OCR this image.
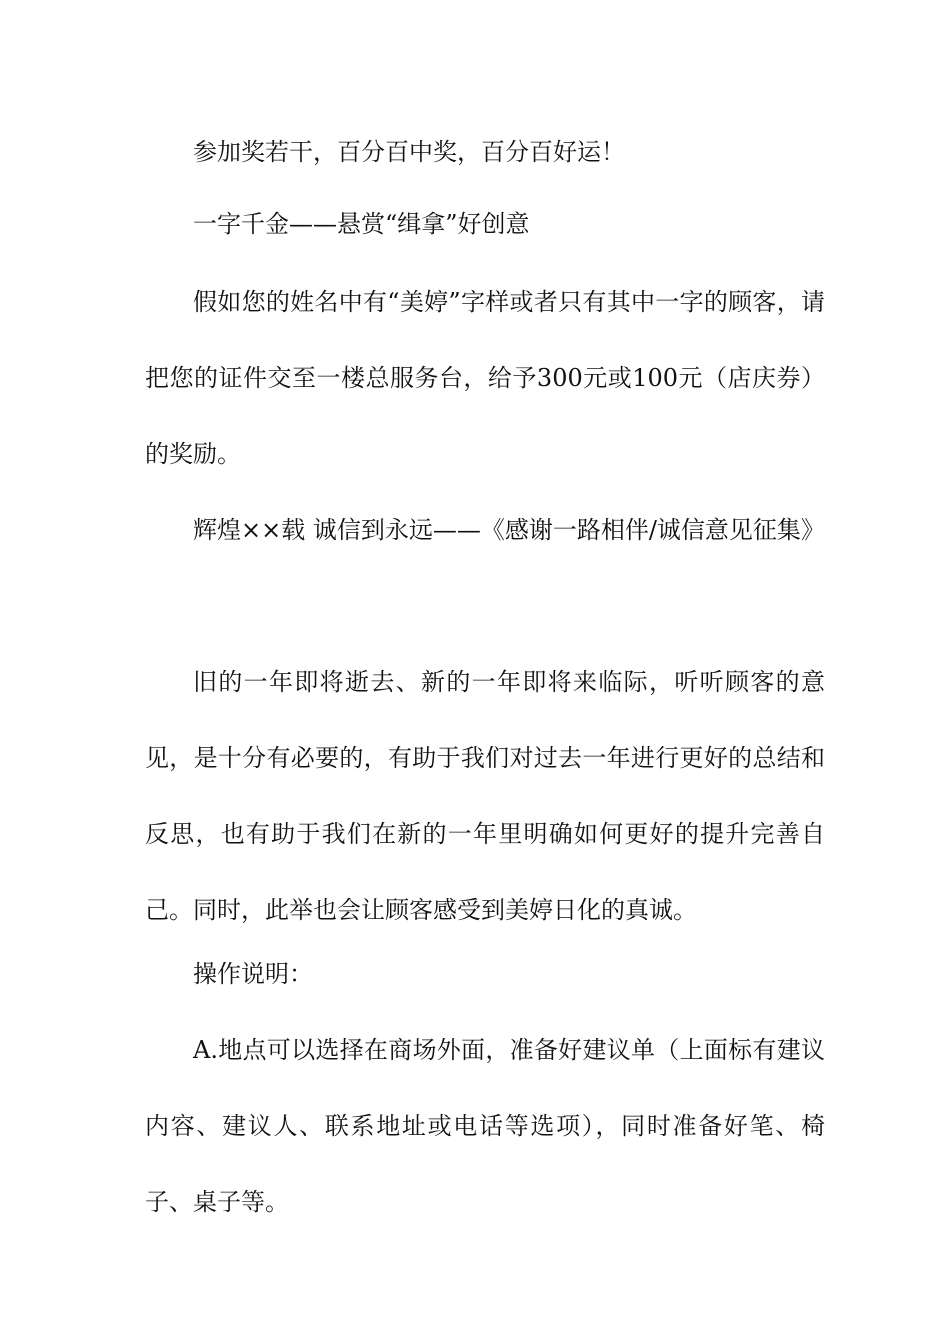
参加奖若干，百分百中奖，百分百好运！

一字千金——悬赏“缉拿”好创意

假如您的姓名中有“美婷”字样或者只有其中一字的顾客，请把您的证件交至一楼总服务台，给予300元或100元（店庆券）的奖励。

辉煌××载 诚信到永远——《感谢一路相伴/诚信意见征集》

旧的一年即将逝去、新的一年即将来临际，听听顾客的意见，是十分有必要的，有助于我们对过去一年进行更好的总结和反思，也有助于我们在新的一年里明确如何更好的提升完善自己。同时，此举也会让顾客感受到美婷日化的真诚。

操作说明：

A.地点可以选择在商场外面，准备好建议单（上面标有建议内容、建议人、联系地址或电话等选项），同时准备好笔、椅子、桌子等。
